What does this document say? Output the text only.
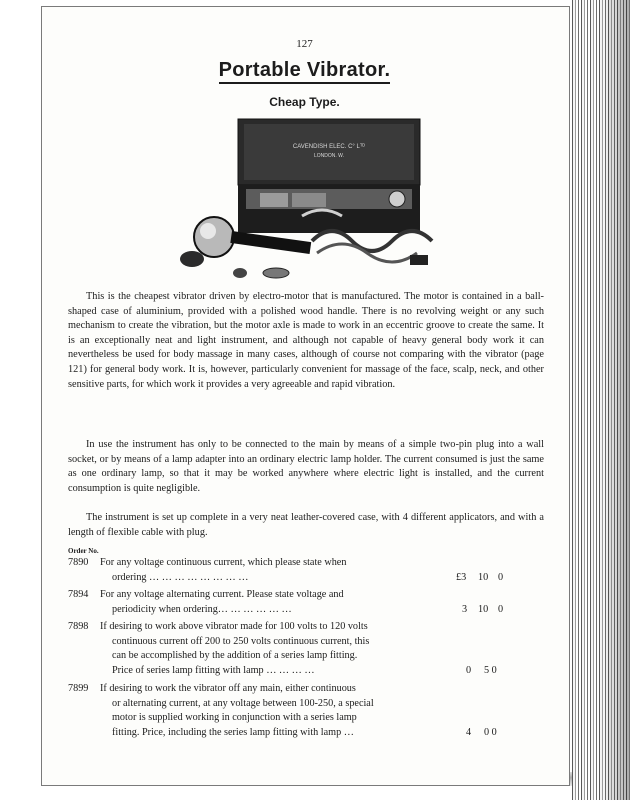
127
Portable Vibrator.
Cheap Type.
CAVENDISH ELEC. C° Lᵀᴰ
LONDON. W.

This is the cheapest vibrator driven by electro-motor that is manufactured. The motor is contained in a ball-shaped case of aluminium, provided with a polished wood handle. There is no revolving weight or any such mechanism to create the vibration, but the motor axle is made to work in an eccentric groove to create the same. It is an exceptionally neat and light instrument, and although not capable of heavy general body work it can nevertheless be used for body massage in many cases, although of course not comparing with the vibrator (page 121) for general body work. It is, however, particularly convenient for massage of the face, scalp, neck, and other sensitive parts, for which work it provides a very agreeable and rapid vibration.

In use the instrument has only to be connected to the main by means of a simple two-pin plug into a wall socket, or by means of a lamp adapter into an ordinary electric lamp holder. The current consumed is just the same as one ordinary lamp, so that it may be worked anywhere where electric light is installed, and the current consumption is quite negligible.

The instrument is set up complete in a very neat leather-covered case, with 4 different applicators, and with a length of flexible cable with plug.

Order No.
7890	For any voltage continuous current, which please state when
ordering … … … … … … … …	£3 10 0
7894	For any voltage alternating current. Please state voltage and
periodicity when ordering… … … … … …	3 10 0
7898	If desiring to work above vibrator made for 100 volts to 120 volts
continuous current off 200 to 250 volts continuous current, this
can be accomplished by the addition of a series lamp fitting.
Price of series lamp fitting with lamp … … … …	0 5 0
7899	If desiring to work the vibrator off any main, either continuous
or alternating current, at any voltage between 100-250, a special
motor is supplied working in conjunction with a series lamp
fitting. Price, including the series lamp fitting with lamp …	4 0 0
